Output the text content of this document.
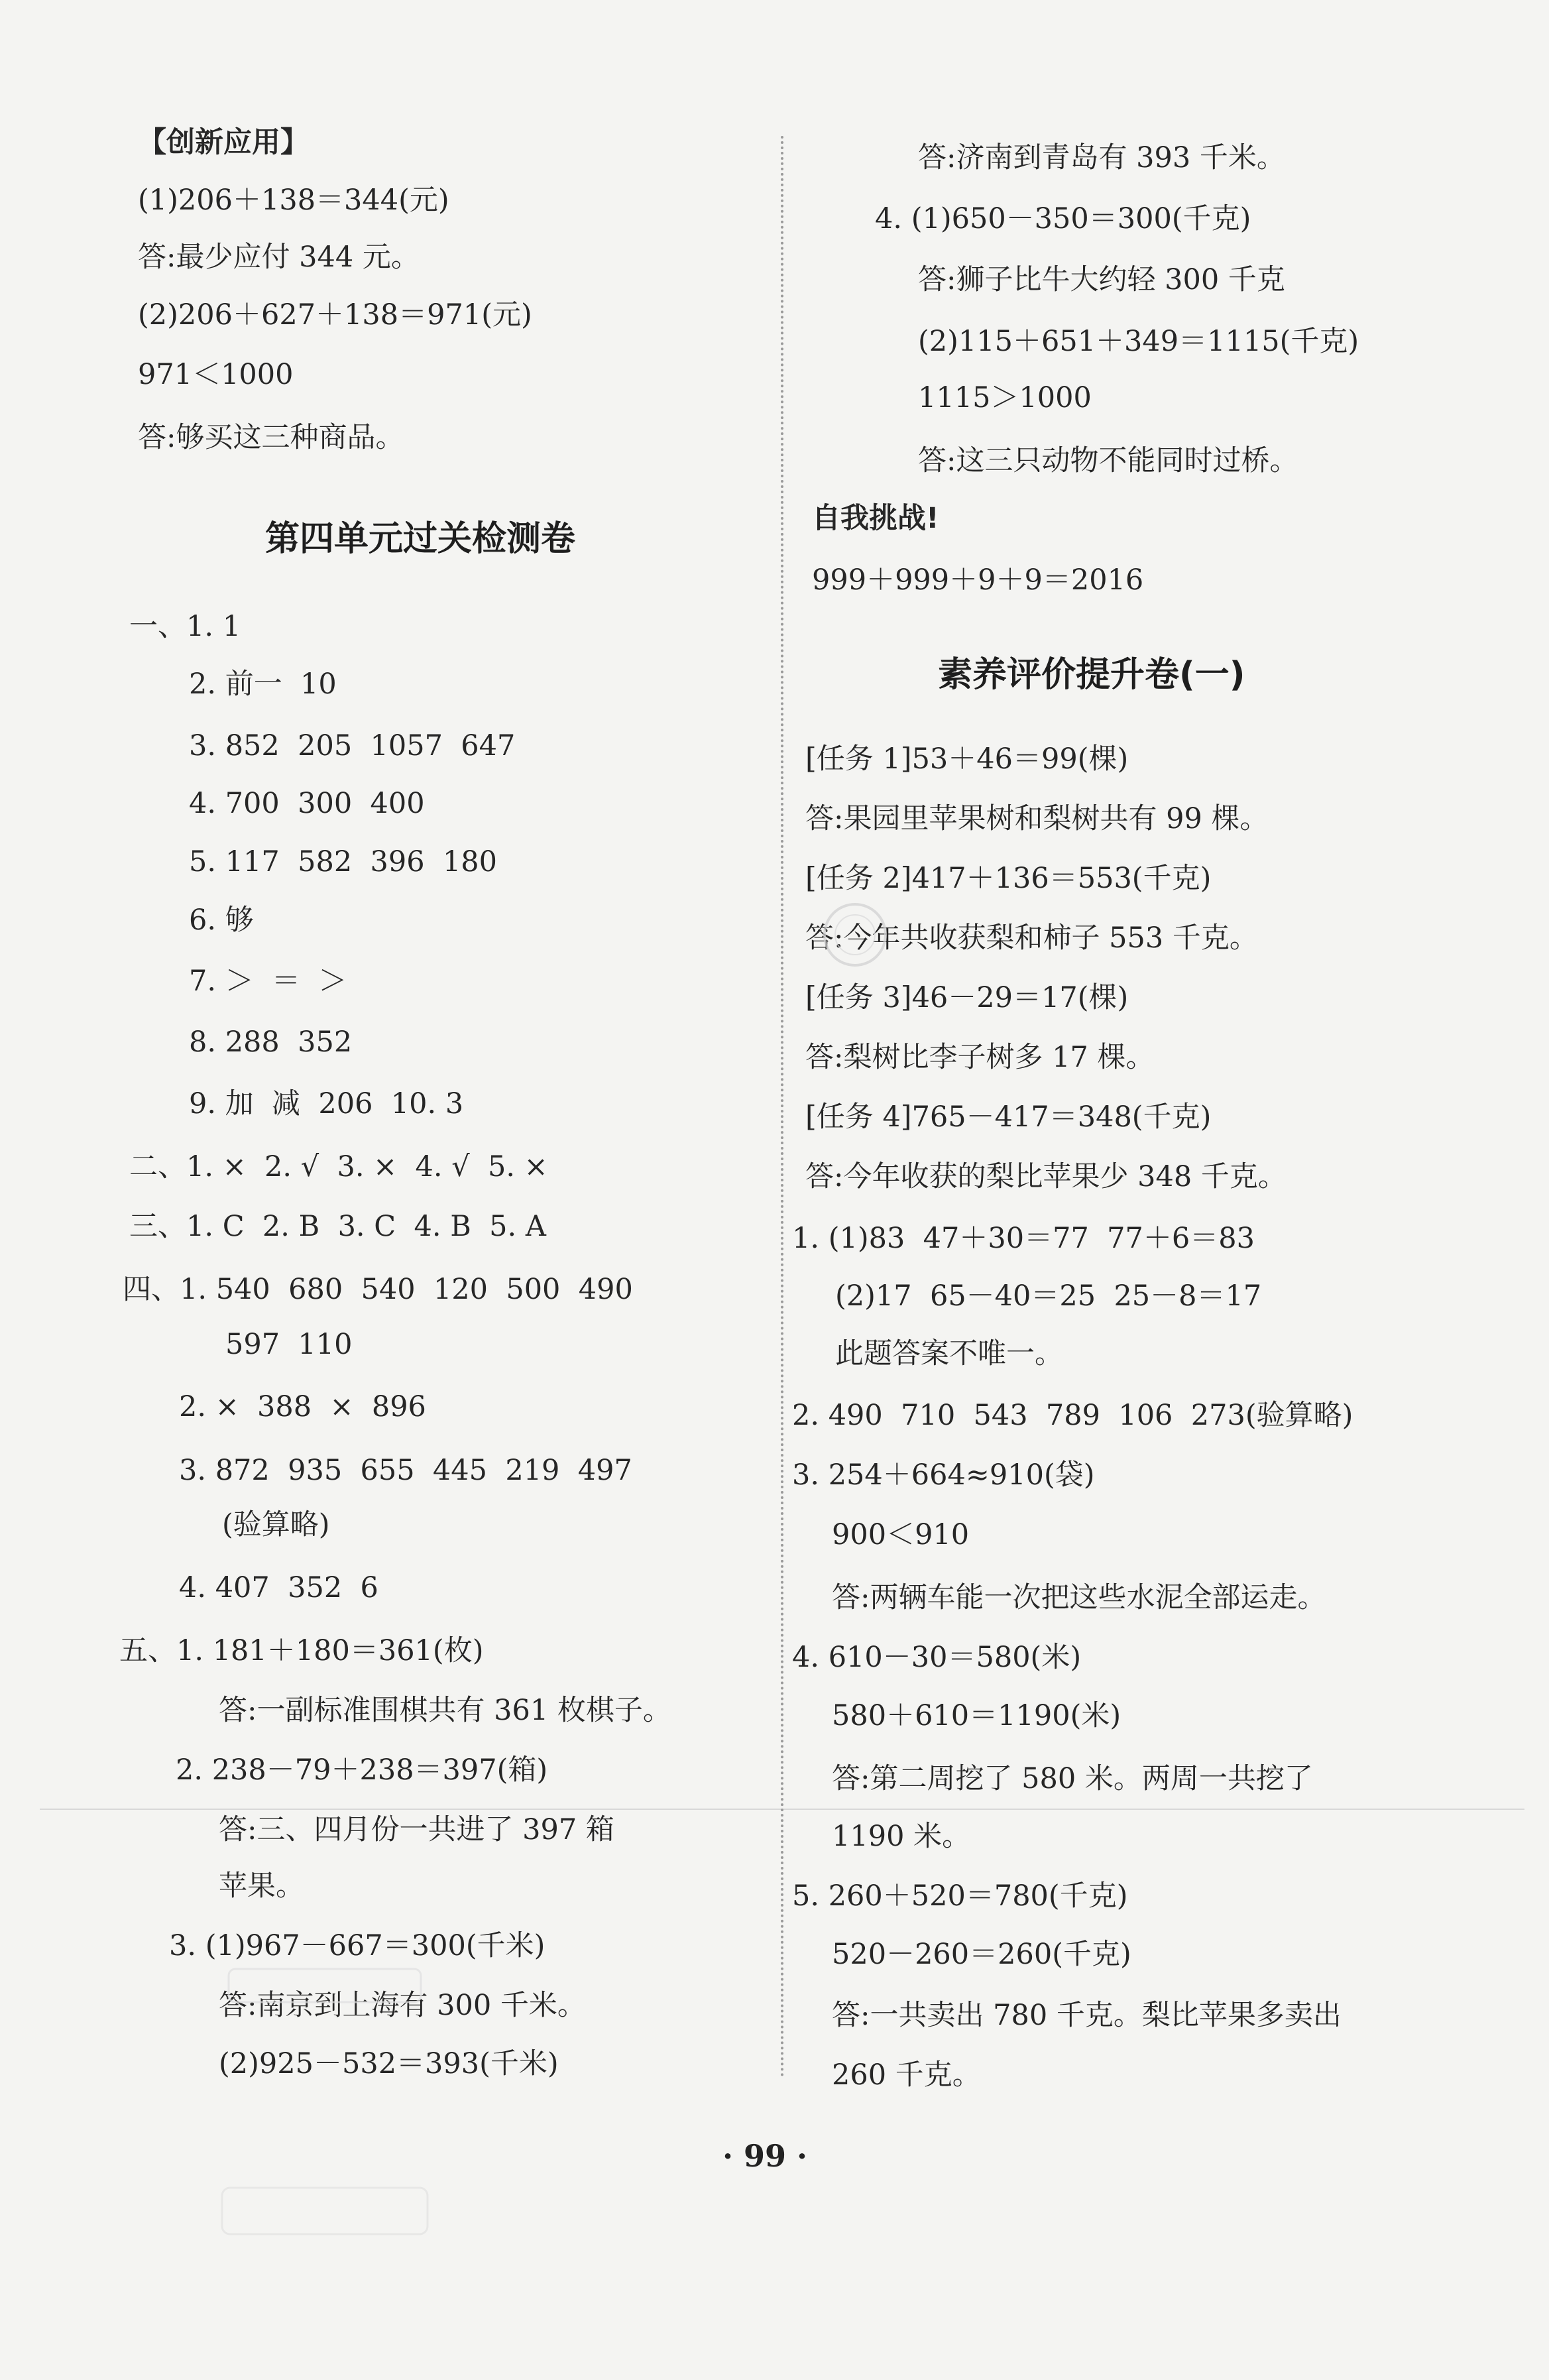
【创新应用】
(1)206＋138＝344(元)
答:最少应付 344 元。
(2)206＋627＋138＝971(元)
971＜1000
答:够买这三种商品。
第四单元过关检测卷
一、1. 1
2. 前一  10
3. 852  205  1057  647
4. 700  300  400
5. 117  582  396  180
6. 够
7. ＞  ＝  ＞
8. 288  352
9. 加  减  206  10. 3
二、1. ×  2. √  3. ×  4. √  5. ×
三、1. C  2. B  3. C  4. B  5. A
四、1. 540  680  540  120  500  490
597  110
2. ×  388  ×  896
3. 872  935  655  445  219  497
(验算略)
4. 407  352  6
五、1. 181＋180＝361(枚)
答:一副标准围棋共有 361 枚棋子。
2. 238－79＋238＝397(箱)
答:三、四月份一共进了 397 箱
苹果。
3. (1)967－667＝300(千米)
答:南京到上海有 300 千米。
(2)925－532＝393(千米)
答:济南到青岛有 393 千米。
4. (1)650－350＝300(千克)
答:狮子比牛大约轻 300 千克
(2)115＋651＋349＝1115(千克)
1115＞1000
答:这三只动物不能同时过桥。
自我挑战!
999＋999＋9＋9＝2016
素养评价提升卷(一)
[任务 1]53＋46＝99(棵)
答:果园里苹果树和梨树共有 99 棵。
[任务 2]417＋136＝553(千克)
答:今年共收获梨和柿子 553 千克。
[任务 3]46－29＝17(棵)
答:梨树比李子树多 17 棵。
[任务 4]765－417＝348(千克)
答:今年收获的梨比苹果少 348 千克。
1. (1)83  47＋30＝77  77＋6＝83
(2)17  65－40＝25  25－8＝17
此题答案不唯一。
2. 490  710  543  789  106  273(验算略)
3. 254＋664≈910(袋)
900＜910
答:两辆车能一次把这些水泥全部运走。
4. 610－30＝580(米)
580＋610＝1190(米)
答:第二周挖了 580 米。两周一共挖了
1190 米。
5. 260＋520＝780(千克)
520－260＝260(千克)
答:一共卖出 780 千克。梨比苹果多卖出
260 千克。
· 99 ·
